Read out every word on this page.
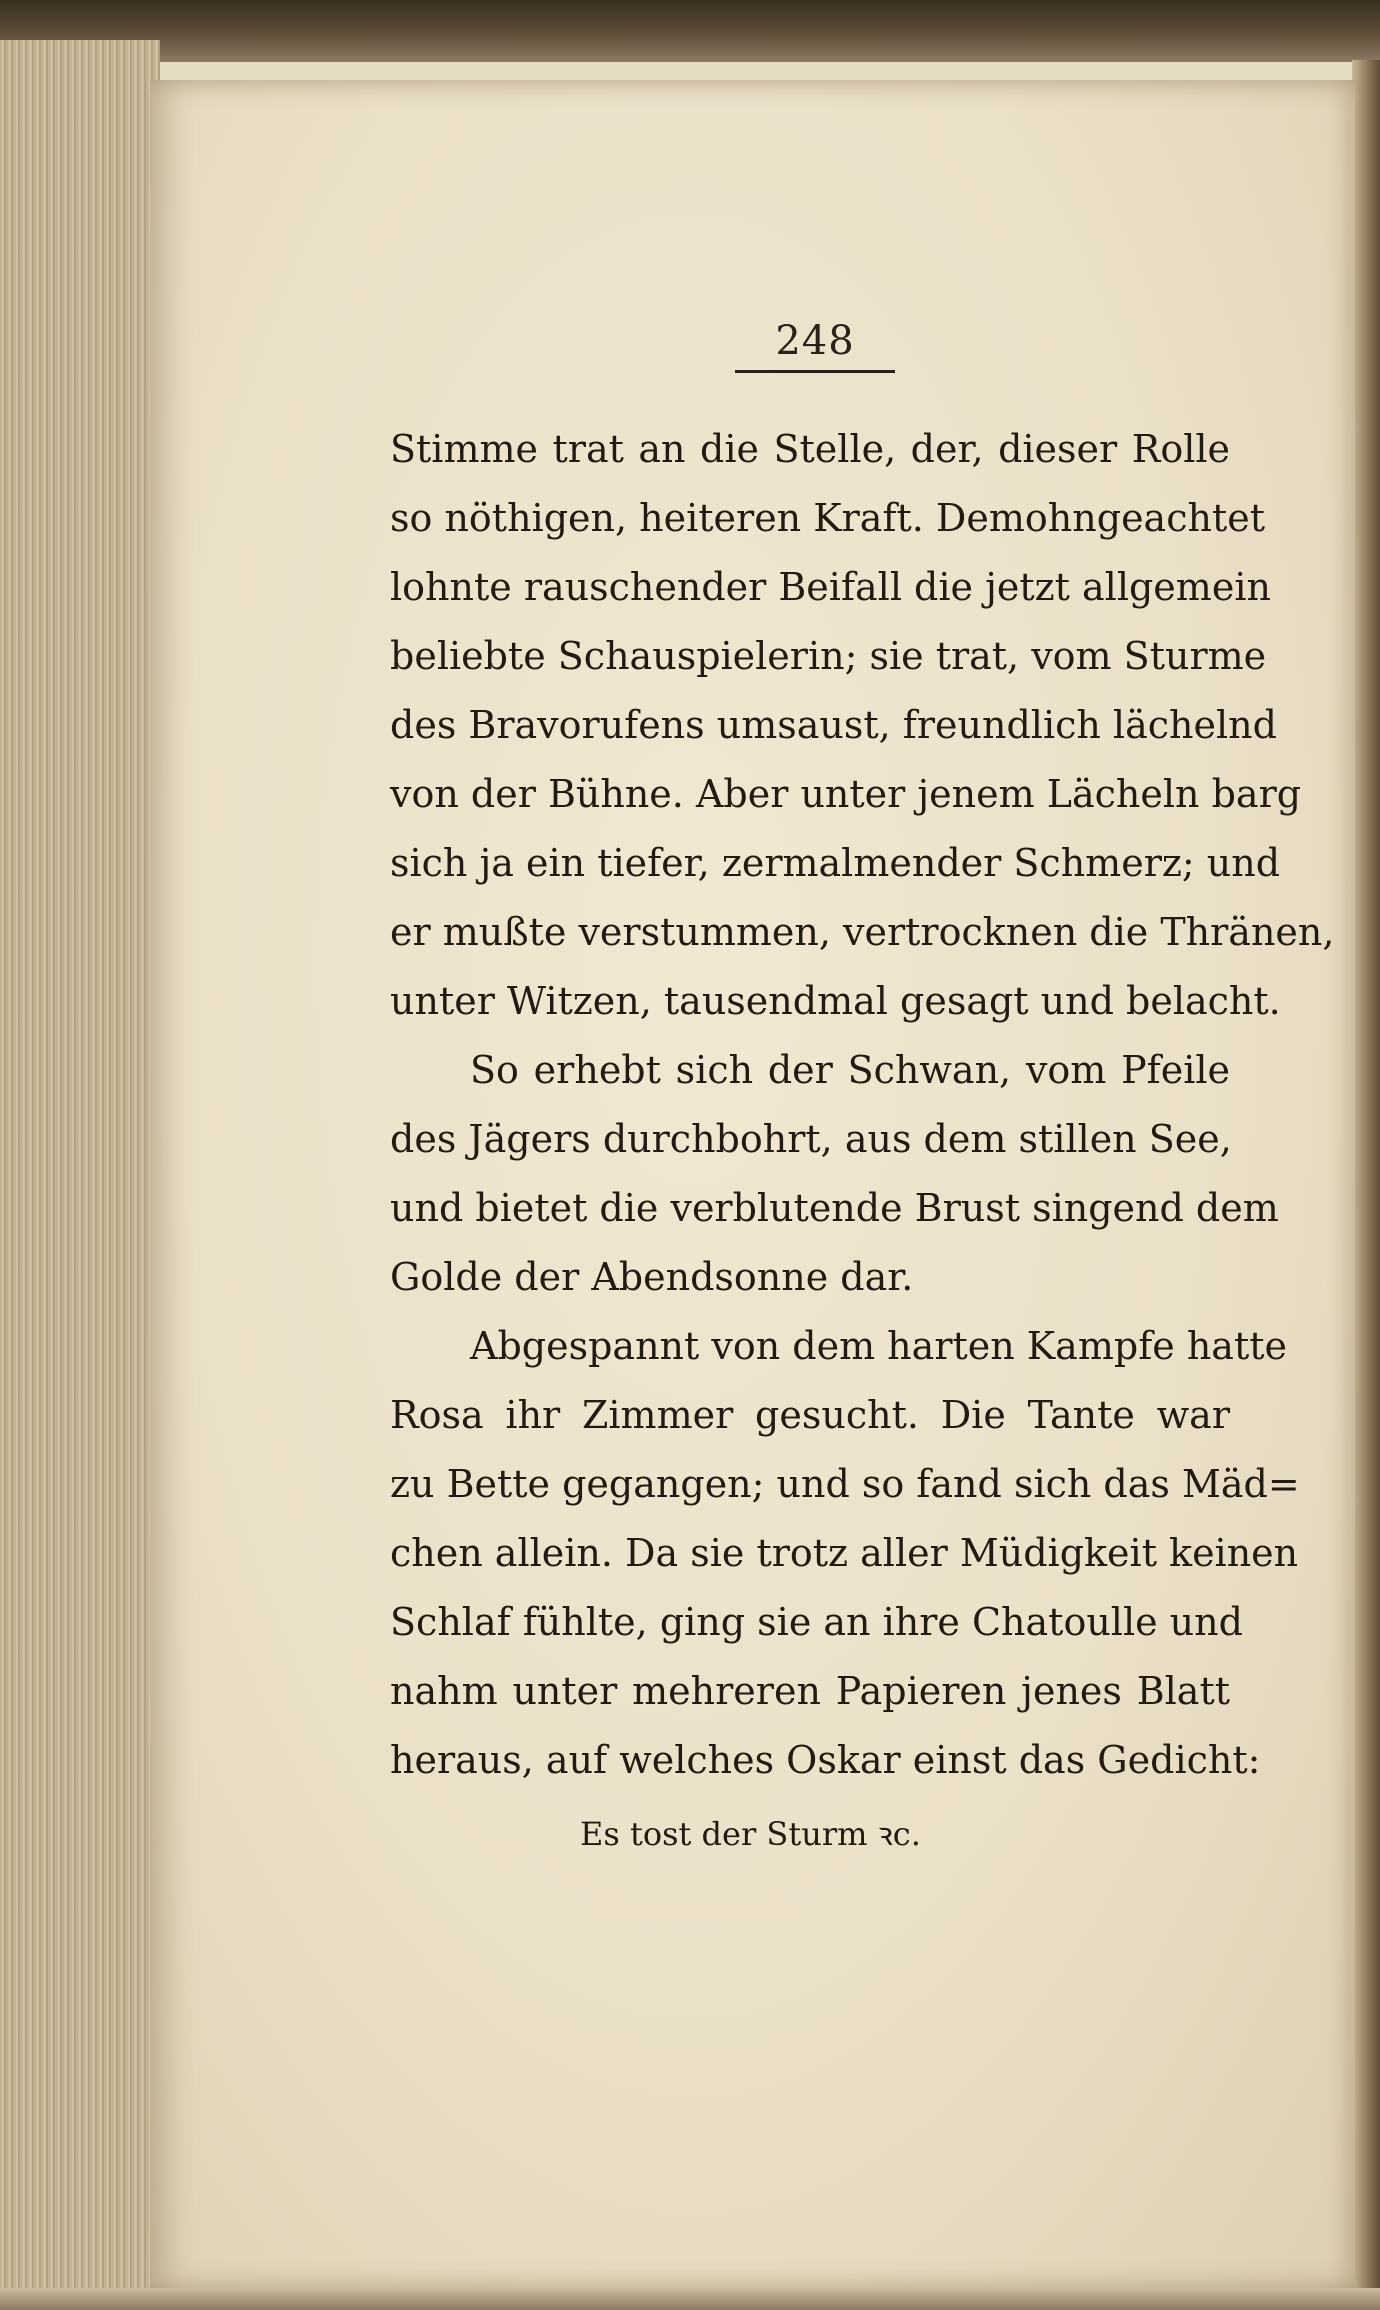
248
Stimme trat an die Stelle, der, dieser Rolle
so nöthigen, heiteren Kraft. Demohngeachtet
lohnte rauschender Beifall die jetzt allgemein
beliebte Schauspielerin; sie trat, vom Sturme
des Bravorufens umsaust, freundlich lächelnd
von der Bühne. Aber unter jenem Lächeln barg
sich ja ein tiefer, zermalmender Schmerz; und
er mußte verstummen, vertrocknen die Thränen,
unter Witzen, tausendmal gesagt und belacht.
So erhebt sich der Schwan, vom Pfeile
des Jägers durchbohrt, aus dem stillen See,
und bietet die verblutende Brust singend dem
Golde der Abendsonne dar.
Abgespannt von dem harten Kampfe hatte
Rosa ihr Zimmer gesucht. Die Tante war
zu Bette gegangen; und so fand sich das Mäd=
chen allein. Da sie trotz aller Müdigkeit keinen
Schlaf fühlte, ging sie an ihre Chatoulle und
nahm unter mehreren Papieren jenes Blatt
heraus, auf welches Oskar einst das Gedicht:
Es tost der Sturm ꝛc.
